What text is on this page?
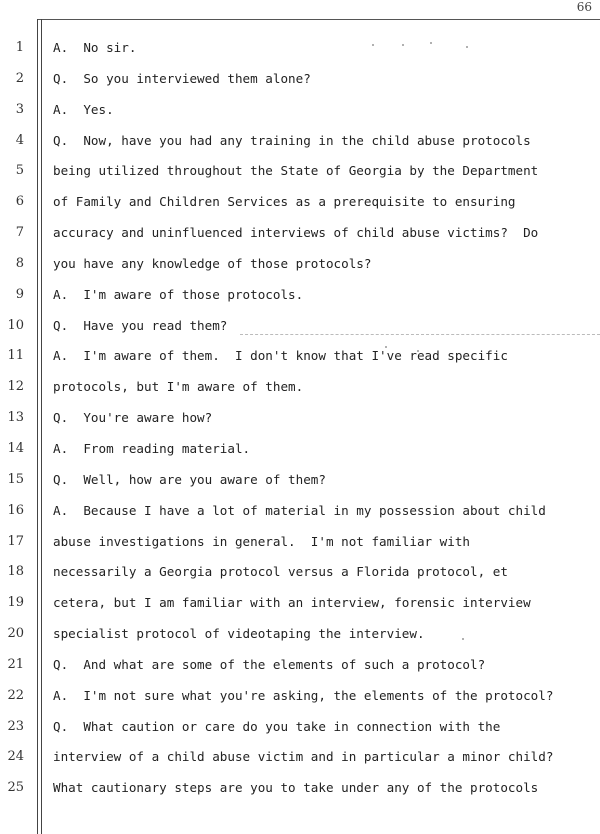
66
1 A.  No sir.
2 Q.  So you interviewed them alone?
3 A.  Yes.
4 Q.  Now, have you had any training in the child abuse protocols
5 being utilized throughout the State of Georgia by the Department
6 of Family and Children Services as a prerequisite to ensuring
7 accuracy and uninfluenced interviews of child abuse victims?  Do
8 you have any knowledge of those protocols?
9 A.  I'm aware of those protocols.
10 Q.  Have you read them?
11 A.  I'm aware of them.  I don't know that I've read specific
12 protocols, but I'm aware of them.
13 Q.  You're aware how?
14 A.  From reading material.
15 Q.  Well, how are you aware of them?
16 A.  Because I have a lot of material in my possession about child
17 abuse investigations in general.  I'm not familiar with
18 necessarily a Georgia protocol versus a Florida protocol, et
19 cetera, but I am familiar with an interview, forensic interview
20 specialist protocol of videotaping the interview.
21 Q.  And what are some of the elements of such a protocol?
22 A.  I'm not sure what you're asking, the elements of the protocol?
23 Q.  What caution or care do you take in connection with the
24 interview of a child abuse victim and in particular a minor child?
25 What cautionary steps are you to take under any of the protocols
